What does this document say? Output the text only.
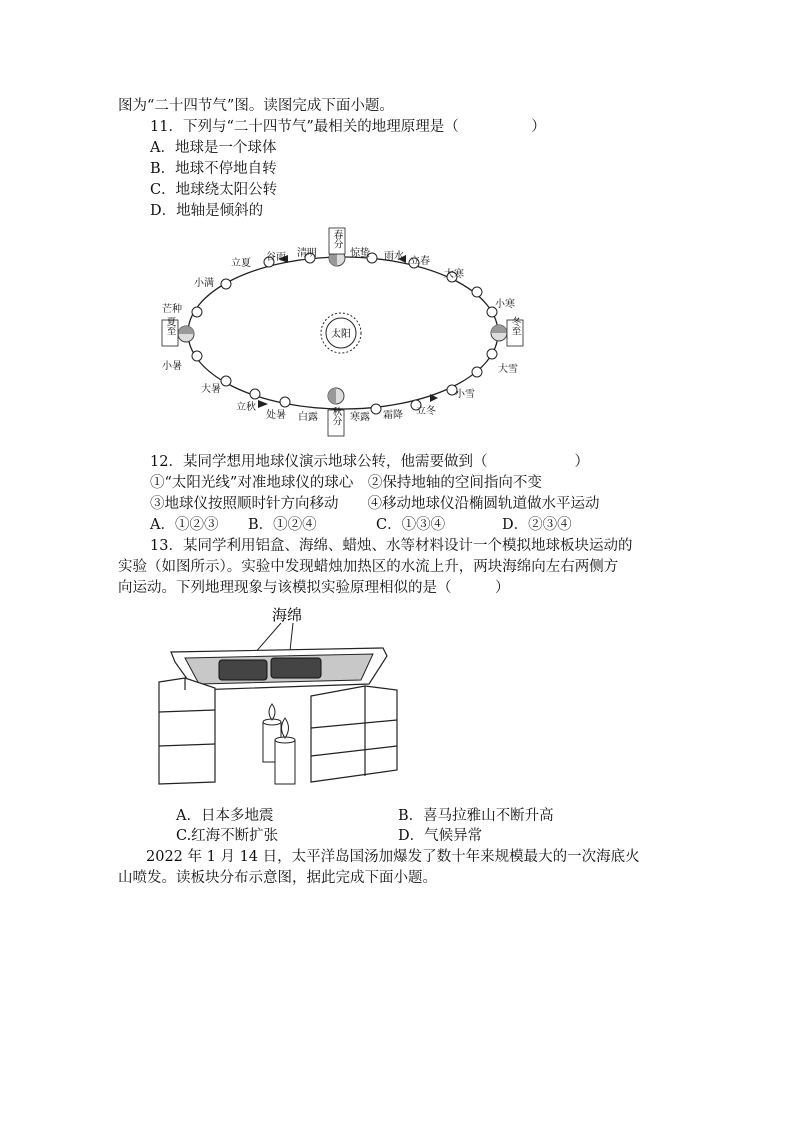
图为“二十四节气”图。读图完成下面小题。
11．下列与“二十四节气”最相关的地理原理是（　　　　　）
A．地球是一个球体
B．地球不停地自转
C．地球绕太阳公转
D．地轴是倾斜的
太阳
立夏
谷雨 清明	惊蛰 雨水 立春
小满
芒种
小暑
大暑
大寒
小寒
大雪
小雪
立秋
处暑 白露	寒露 霜降 立冬
春分
夏至	冬至
秋分
12．某同学想用地球仪演示地球公转，他需要做到（　　　　　　）
①“太阳光线”对准地球仪的球心　②保持地轴的空间指向不变
③地球仪按照顺时针方向移动　　④移动地球仪沿椭圆轨道做水平运动
A．①②③ B．①②④	C．①③④	D．②③④
13．某同学利用铝盒、海绵、蜡烛、水等材料设计一个模拟地球板块运动的
实验（如图所示）。实验中发现蜡烛加热区的水流上升，两块海绵向左右两侧方
向运动。下列地理现象与该模拟实验原理相似的是（　　　）
海绵
A．日本多地震	B．喜马拉雅山不断升高
C.红海不断扩张	D．气候异常
2022 年 1 月 14 日，太平洋岛国汤加爆发了数十年来规模最大的一次海底火
山喷发。读板块分布示意图，据此完成下面小题。
